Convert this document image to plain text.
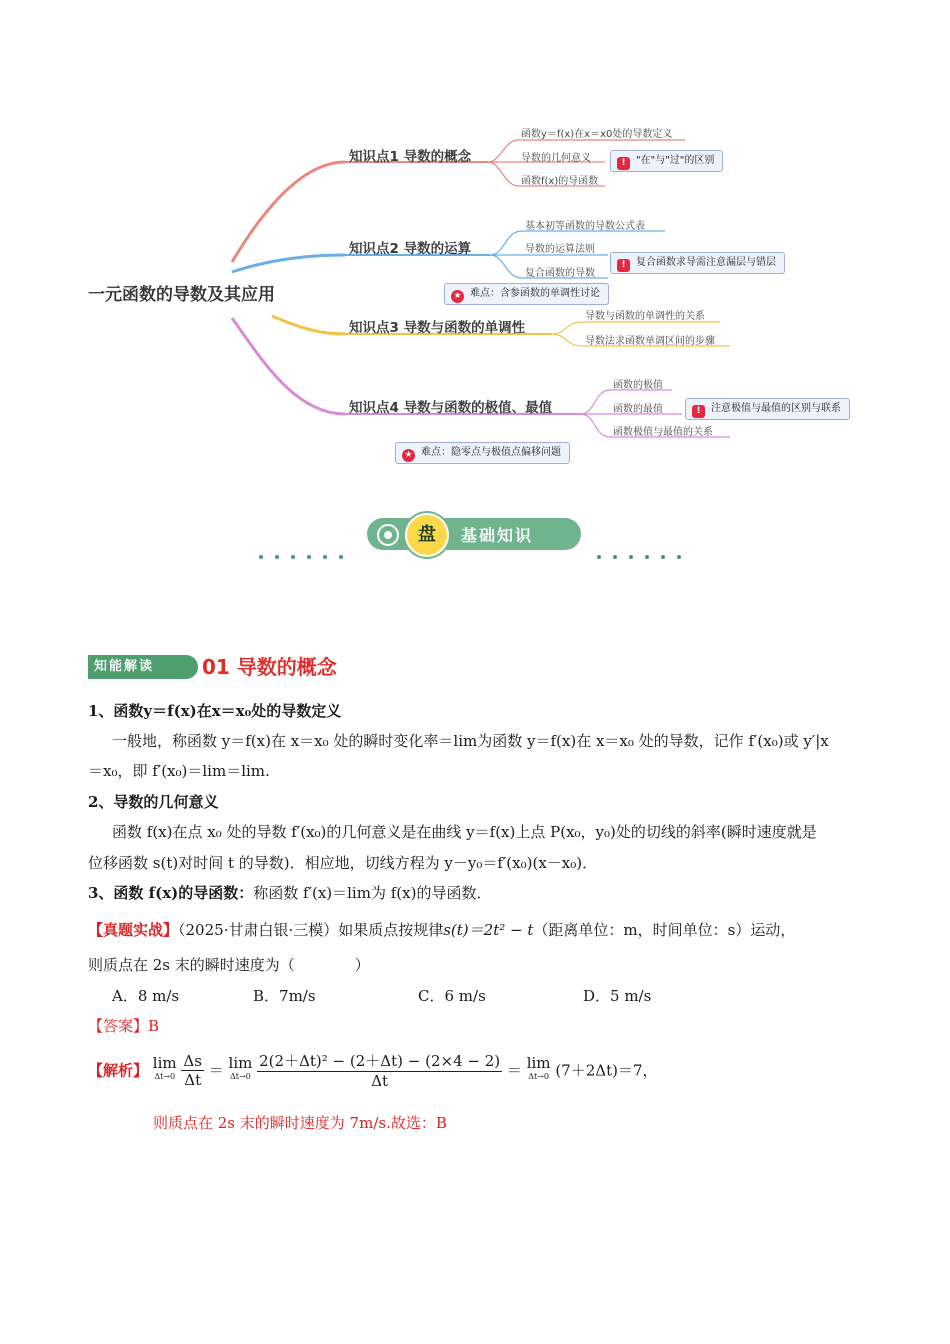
一元函数的导数及其应用
知识点1 导数的概念
函数y＝f(x)在x＝x0处的导数定义
导数的几何意义
函数f(x)的导函数
! "在"与"过"的区别
知识点2 导数的运算
基本初等函数的导数公式表
导数的运算法则
复合函数的导数
! 复合函数求导需注意漏层与错层
★ 难点：含参函数的单调性讨论
知识点3 导数与函数的单调性
导数与函数的单调性的关系
导数法求函数单调区间的步骤
知识点4 导数与函数的极值、最值
函数的极值
函数的最值
函数极值与最值的关系
! 注意极值与最值的区别与联系
★ 难点：隐零点与极值点偏移问题
盘	基础知识
知能解读	01 导数的概念
1、函数y＝f(x)在x＝x₀处的导数定义
一般地，称函数 y＝f(x)在 x＝x₀ 处的瞬时变化率＝lim为函数 y＝f(x)在 x＝x₀ 处的导数，记作 f′(x₀)或 y′|x
＝x₀，即 f′(x₀)＝lim＝lim.
2、导数的几何意义
函数 f(x)在点 x₀ 处的导数 f′(x₀)的几何意义是在曲线 y＝f(x)上点 P(x₀，y₀)处的切线的斜率(瞬时速度就是
位移函数 s(t)对时间 t 的导数)．相应地，切线方程为 y－y₀＝f′(x₀)(x－x₀)．
3、函数 f(x)的导函数：称函数 f′(x)＝lim为 f(x)的导函数．
【真题实战】（2025·甘肃白银·三模）如果质点按规律s(t)＝2t² − t（距离单位：m，时间单位：s）运动，
则质点在 2s 末的瞬时速度为（　　　　）
A．8 m/s	B．7m/s	C．6 m/s	D．5 m/s
【答案】B
【解析】 lim
Δt→0
$\frac{\Delta s}{\Delta t} = \lim$
Δt→0
$\frac{\text{2(2＋Δt)² − (2＋Δt) − (2×4 − 2)}}{\Delta t} = \lim$
Δt→0 (7＋2Δt)＝7，
则质点在 2s 末的瞬时速度为 7m/s.故选：B
